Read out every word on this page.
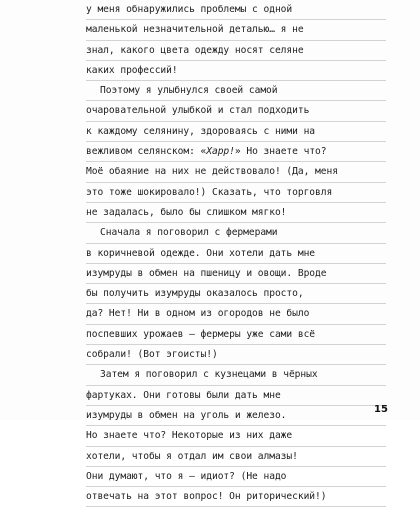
у меня обнаружились проблемы с одной
маленькой незначительной деталью… я не
знал, какого цвета одежду носят селяне
каких профессий!
Поэтому я улыбнулся своей самой
очаровательной улыбкой и стал подходить
к каждому селянину, здороваясь с ними на
вежливом селянском: «Харр!» Но знаете что?
Моё обаяние на них не действовало! (Да, меня
это тоже шокировало!) Сказать, что торговля
не задалась, было бы слишком мягко!
Сначала я поговорил с фермерами
в коричневой одежде. Они хотели дать мне
изумруды в обмен на пшеницу и овощи. Вроде
бы получить изумруды оказалось просто,
да? Нет! Ни в одном из огородов не было
поспевших урожаев — фермеры уже сами всё
собрали! (Вот эгоисты!)
Затем я поговорил с кузнецами в чёрных
фартуках. Они готовы были дать мне
изумруды в обмен на уголь и железо.
Но знаете что? Некоторые из них даже
хотели, чтобы я отдал им свои алмазы!
Они думают, что я — идиот? (Не надо
отвечать на этот вопрос! Он риторический!)
15
